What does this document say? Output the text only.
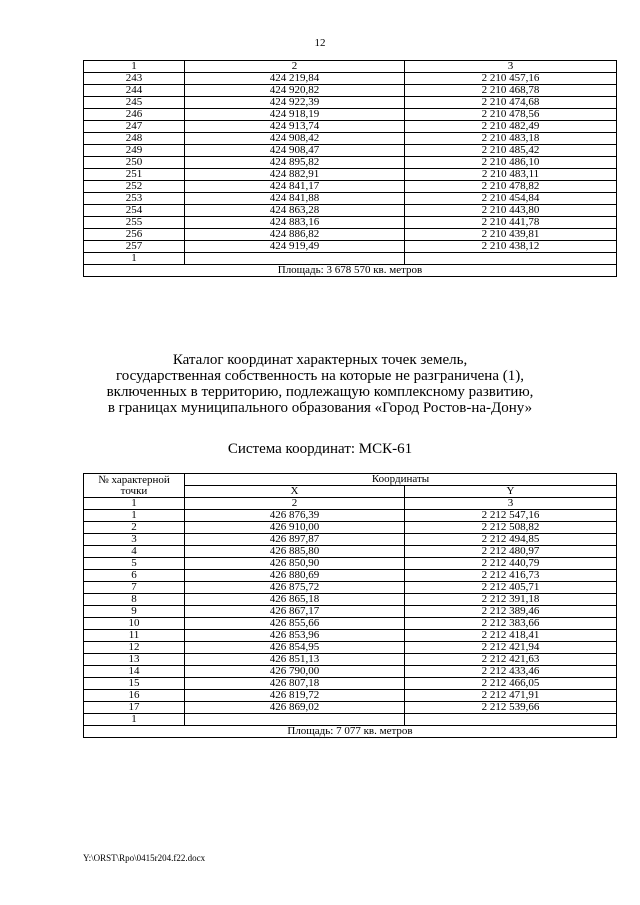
12
1	2	3
243	424 219,84	2 210 457,16
244	424 920,82	2 210 468,78
245	424 922,39	2 210 474,68
246	424 918,19	2 210 478,56
247	424 913,74	2 210 482,49
248	424 908,42	2 210 483,18
249	424 908,47	2 210 485,42
250	424 895,82	2 210 486,10
251	424 882,91	2 210 483,11
252	424 841,17	2 210 478,82
253	424 841,88	2 210 454,84
254	424 863,28	2 210 443,80
255	424 883,16	2 210 441,78
256	424 886,82	2 210 439,81
257	424 919,49	2 210 438,12
1		
Площадь: 3 678 570 кв. метров		
Каталог координат характерных точек земель,
государственная собственность на которые не разграничена (1),
включенных в территорию, подлежащую комплексному развитию,
в границах муниципального образования «Город Ростов-на-Дону»
Система координат: МСК-61
№ характерной точки	Координаты	
	X	Y
1	2	3
1	426 876,39	2 212 547,16
2	426 910,00	2 212 508,82
3	426 897,87	2 212 494,85
4	426 885,80	2 212 480,97
5	426 850,90	2 212 440,79
6	426 880,69	2 212 416,73
7	426 875,72	2 212 405,71
8	426 865,18	2 212 391,18
9	426 867,17	2 212 389,46
10	426 855,66	2 212 383,66
11	426 853,96	2 212 418,41
12	426 854,95	2 212 421,94
13	426 851,13	2 212 421,63
14	426 790,00	2 212 433,46
15	426 807,18	2 212 466,05
16	426 819,72	2 212 471,91
17	426 869,02	2 212 539,66
1		
Площадь: 7 077 кв. метров		
Y:\ORST\Rpo\0415r204.f22.docx
